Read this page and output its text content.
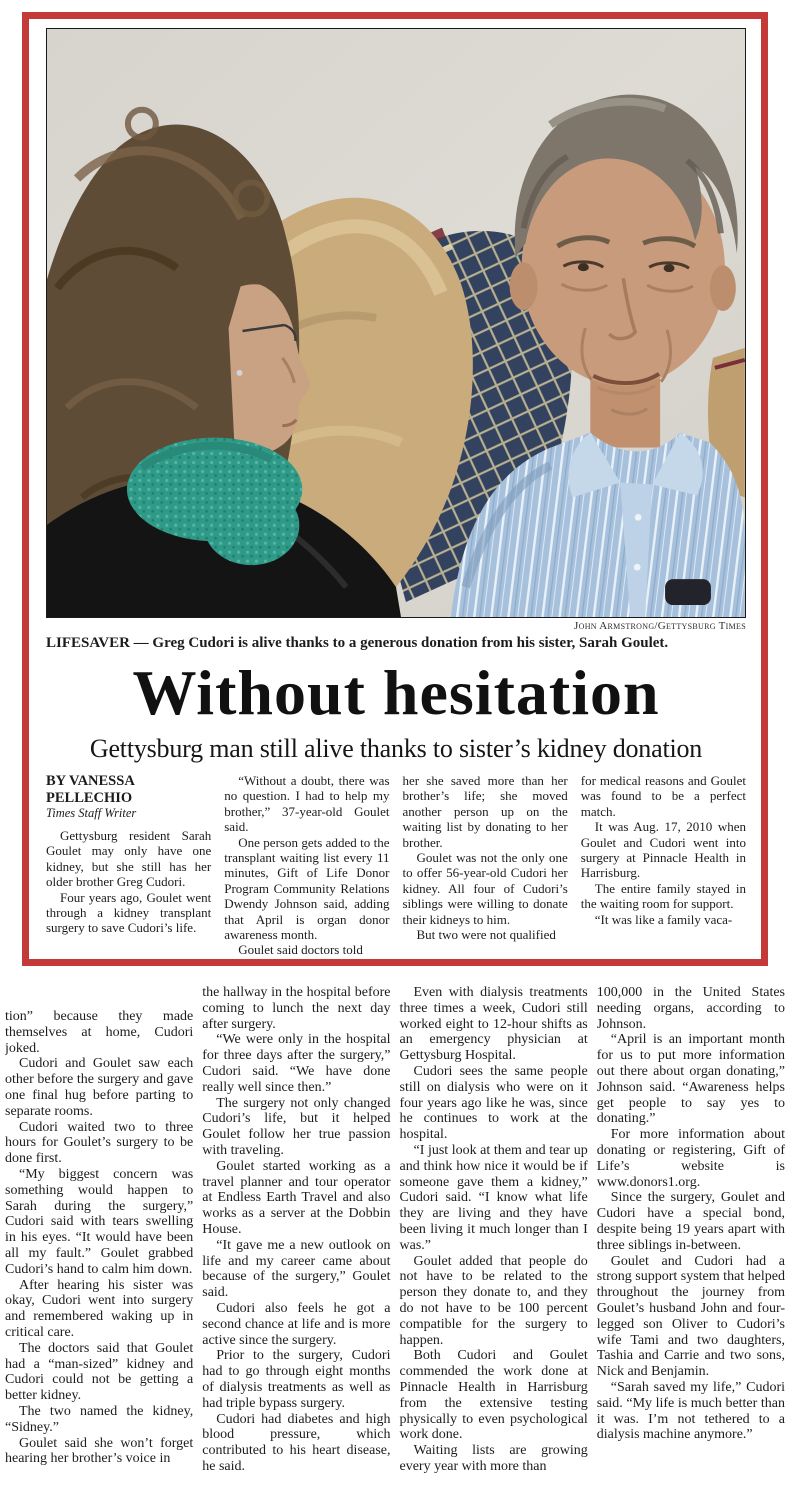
John Armstrong/Gettysburg Times
LIFESAVER — Greg Cudori is alive thanks to a generous donation from his sister, Sarah Goulet.
Without hesitation
Gettysburg man still alive thanks to sister’s kidney donation
BY VANESSA PELLECHIO
Times Staff Writer

Gettysburg resident Sarah Goulet may only have one kidney, but she still has her older brother Greg Cudori.

Four years ago, Goulet went through a kidney transplant surgery to save Cudori’s life.

“Without a doubt, there was no question. I had to help my brother,” 37-year-old Goulet said.

One person gets added to the transplant waiting list every 11 minutes, Gift of Life Donor Program Community Relations Dwendy Johnson said, adding that April is organ donor awareness month.

Goulet said doctors told

her she saved more than her brother’s life; she moved another person up on the waiting list by donating to her brother.

Goulet was not the only one to offer 56-year-old Cudori her kidney. All four of Cudori’s siblings were willing to donate their kidneys to him.

But two were not qualified

for medical reasons and Goulet was found to be a perfect match.

It was Aug. 17, 2010 when Goulet and Cudori went into surgery at Pinnacle Health in Harrisburg.

The entire family stayed in the waiting room for support.

“It was like a family vaca-

tion” because they made themselves at home, Cudori joked.

Cudori and Goulet saw each other before the surgery and gave one final hug before parting to separate rooms.

Cudori waited two to three hours for Goulet’s surgery to be done first.

“My biggest concern was something would happen to Sarah during the surgery,” Cudori said with tears swelling in his eyes. “It would have been all my fault.” Goulet grabbed Cudori’s hand to calm him down.

After hearing his sister was okay, Cudori went into surgery and remembered waking up in critical care.

The doctors said that Goulet had a “man-sized” kidney and Cudori could not be getting a better kidney.

The two named the kidney, “Sidney.”

Goulet said she won’t forget hearing her brother’s voice in

the hallway in the hospital before coming to lunch the next day after surgery.

“We were only in the hospital for three days after the surgery,” Cudori said. “We have done really well since then.”

The surgery not only changed Cudori’s life, but it helped Goulet follow her true passion with traveling.

Goulet started working as a travel planner and tour operator at Endless Earth Travel and also works as a server at the Dobbin House.

“It gave me a new outlook on life and my career came about because of the surgery,” Goulet said.

Cudori also feels he got a second chance at life and is more active since the surgery.

Prior to the surgery, Cudori had to go through eight months of dialysis treatments as well as had triple bypass surgery.

Cudori had diabetes and high blood pressure, which contributed to his heart disease, he said.

Even with dialysis treatments three times a week, Cudori still worked eight to 12-hour shifts as an emergency physician at Gettysburg Hospital.

Cudori sees the same people still on dialysis who were on it four years ago like he was, since he continues to work at the hospital.

“I just look at them and tear up and think how nice it would be if someone gave them a kidney,” Cudori said. “I know what life they are living and they have been living it much longer than I was.”

Goulet added that people do not have to be related to the person they donate to, and they do not have to be 100 percent compatible for the surgery to happen.

Both Cudori and Goulet commended the work done at Pinnacle Health in Harrisburg from the extensive testing physically to even psychological work done.

Waiting lists are growing every year with more than

100,000 in the United States needing organs, according to Johnson.

“April is an important month for us to put more information out there about organ donating,” Johnson said. “Awareness helps get people to say yes to donating.”

For more information about donating or registering, Gift of Life’s website is www.donors1.org.

Since the surgery, Goulet and Cudori have a special bond, despite being 19 years apart with three siblings in-between.

Goulet and Cudori had a strong support system that helped throughout the journey from Goulet’s husband John and four-legged son Oliver to Cudori’s wife Tami and two daughters, Tashia and Carrie and two sons, Nick and Benjamin.

“Sarah saved my life,” Cudori said. “My life is much better than it was. I’m not tethered to a dialysis machine anymore.”
